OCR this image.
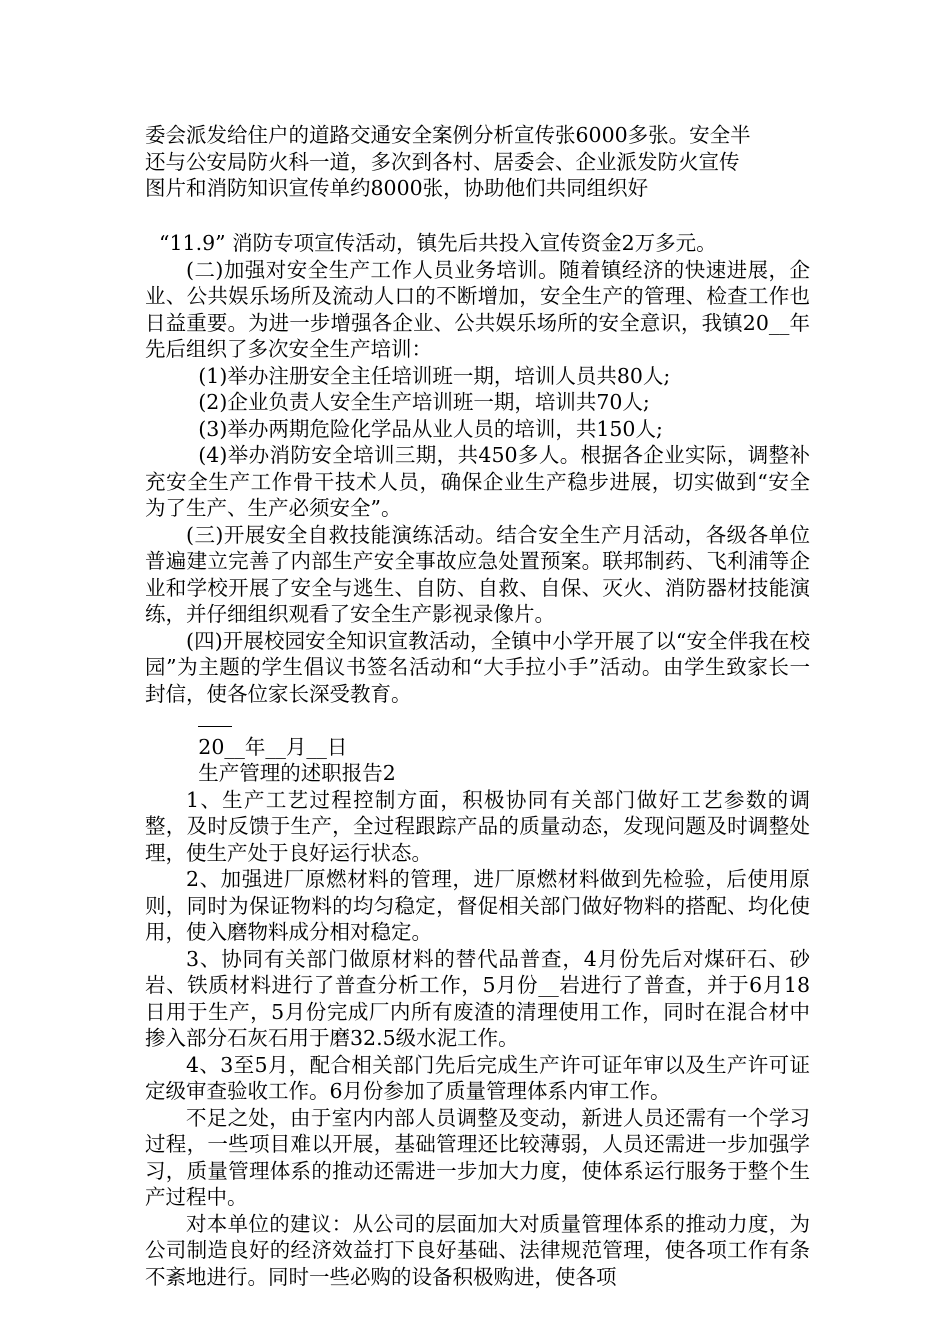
委会派发给住户的道路交通安全案例分析宣传张6000多张。安全半

还与公安局防火科一道，多次到各村、居委会、企业派发防火宣传

图片和消防知识宣传单约8000张，协助他们共同组织好

“11.9” 消防专项宣传活动，镇先后共投入宣传资金2万多元。

(二)加强对安全生产工作人员业务培训。随着镇经济的快速进展，企业、公共娱乐场所及流动人口的不断增加，安全生产的管理、检查工作也日益重要。为进一步增强各企业、公共娱乐场所的安全意识，我镇20__年先后组织了多次安全生产培训：

(1)举办注册安全主任培训班一期，培训人员共80人;

(2)企业负责人安全生产培训班一期，培训共70人;

(3)举办两期危险化学品从业人员的培训，共150人;

(4)举办消防安全培训三期，共450多人。根据各企业实际，调整补充安全生产工作骨干技术人员，确保企业生产稳步进展，切实做到“安全为了生产、生产必须安全”。

(三)开展安全自救技能演练活动。结合安全生产月活动，各级各单位普遍建立完善了内部生产安全事故应急处置预案。联邦制药、飞利浦等企业和学校开展了安全与逃生、自防、自救、自保、灭火、消防器材技能演练，并仔细组织观看了安全生产影视录像片。

(四)开展校园安全知识宣教活动，全镇中小学开展了以“安全伴我在校园”为主题的学生倡议书签名活动和“大手拉小手”活动。由学生致家长一封信，使各位家长深受教育。

20__年__月__日

生产管理的述职报告2

1、生产工艺过程控制方面，积极协同有关部门做好工艺参数的调整，及时反馈于生产，全过程跟踪产品的质量动态，发现问题及时调整处理，使生产处于良好运行状态。

2、加强进厂原燃材料的管理，进厂原燃材料做到先检验，后使用原则，同时为保证物料的均匀稳定，督促相关部门做好物料的搭配、均化使用，使入磨物料成分相对稳定。

3、协同有关部门做原材料的替代品普查，4月份先后对煤矸石、砂岩、铁质材料进行了普查分析工作，5月份__岩进行了普查，并于6月18日用于生产，5月份完成厂内所有废渣的清理使用工作，同时在混合材中掺入部分石灰石用于磨32.5级水泥工作。

4、3至5月，配合相关部门先后完成生产许可证年审以及生产许可证定级审查验收工作。6月份参加了质量管理体系内审工作。

不足之处，由于室内内部人员调整及变动，新进人员还需有一个学习过程，一些项目难以开展，基础管理还比较薄弱，人员还需进一步加强学习，质量管理体系的推动还需进一步加大力度，使体系运行服务于整个生产过程中。

对本单位的建议：从公司的层面加大对质量管理体系的推动力度，为公司制造良好的经济效益打下良好基础、法律规范管理，使各项工作有条不紊地进行。同时一些必购的设备积极购进，使各项
